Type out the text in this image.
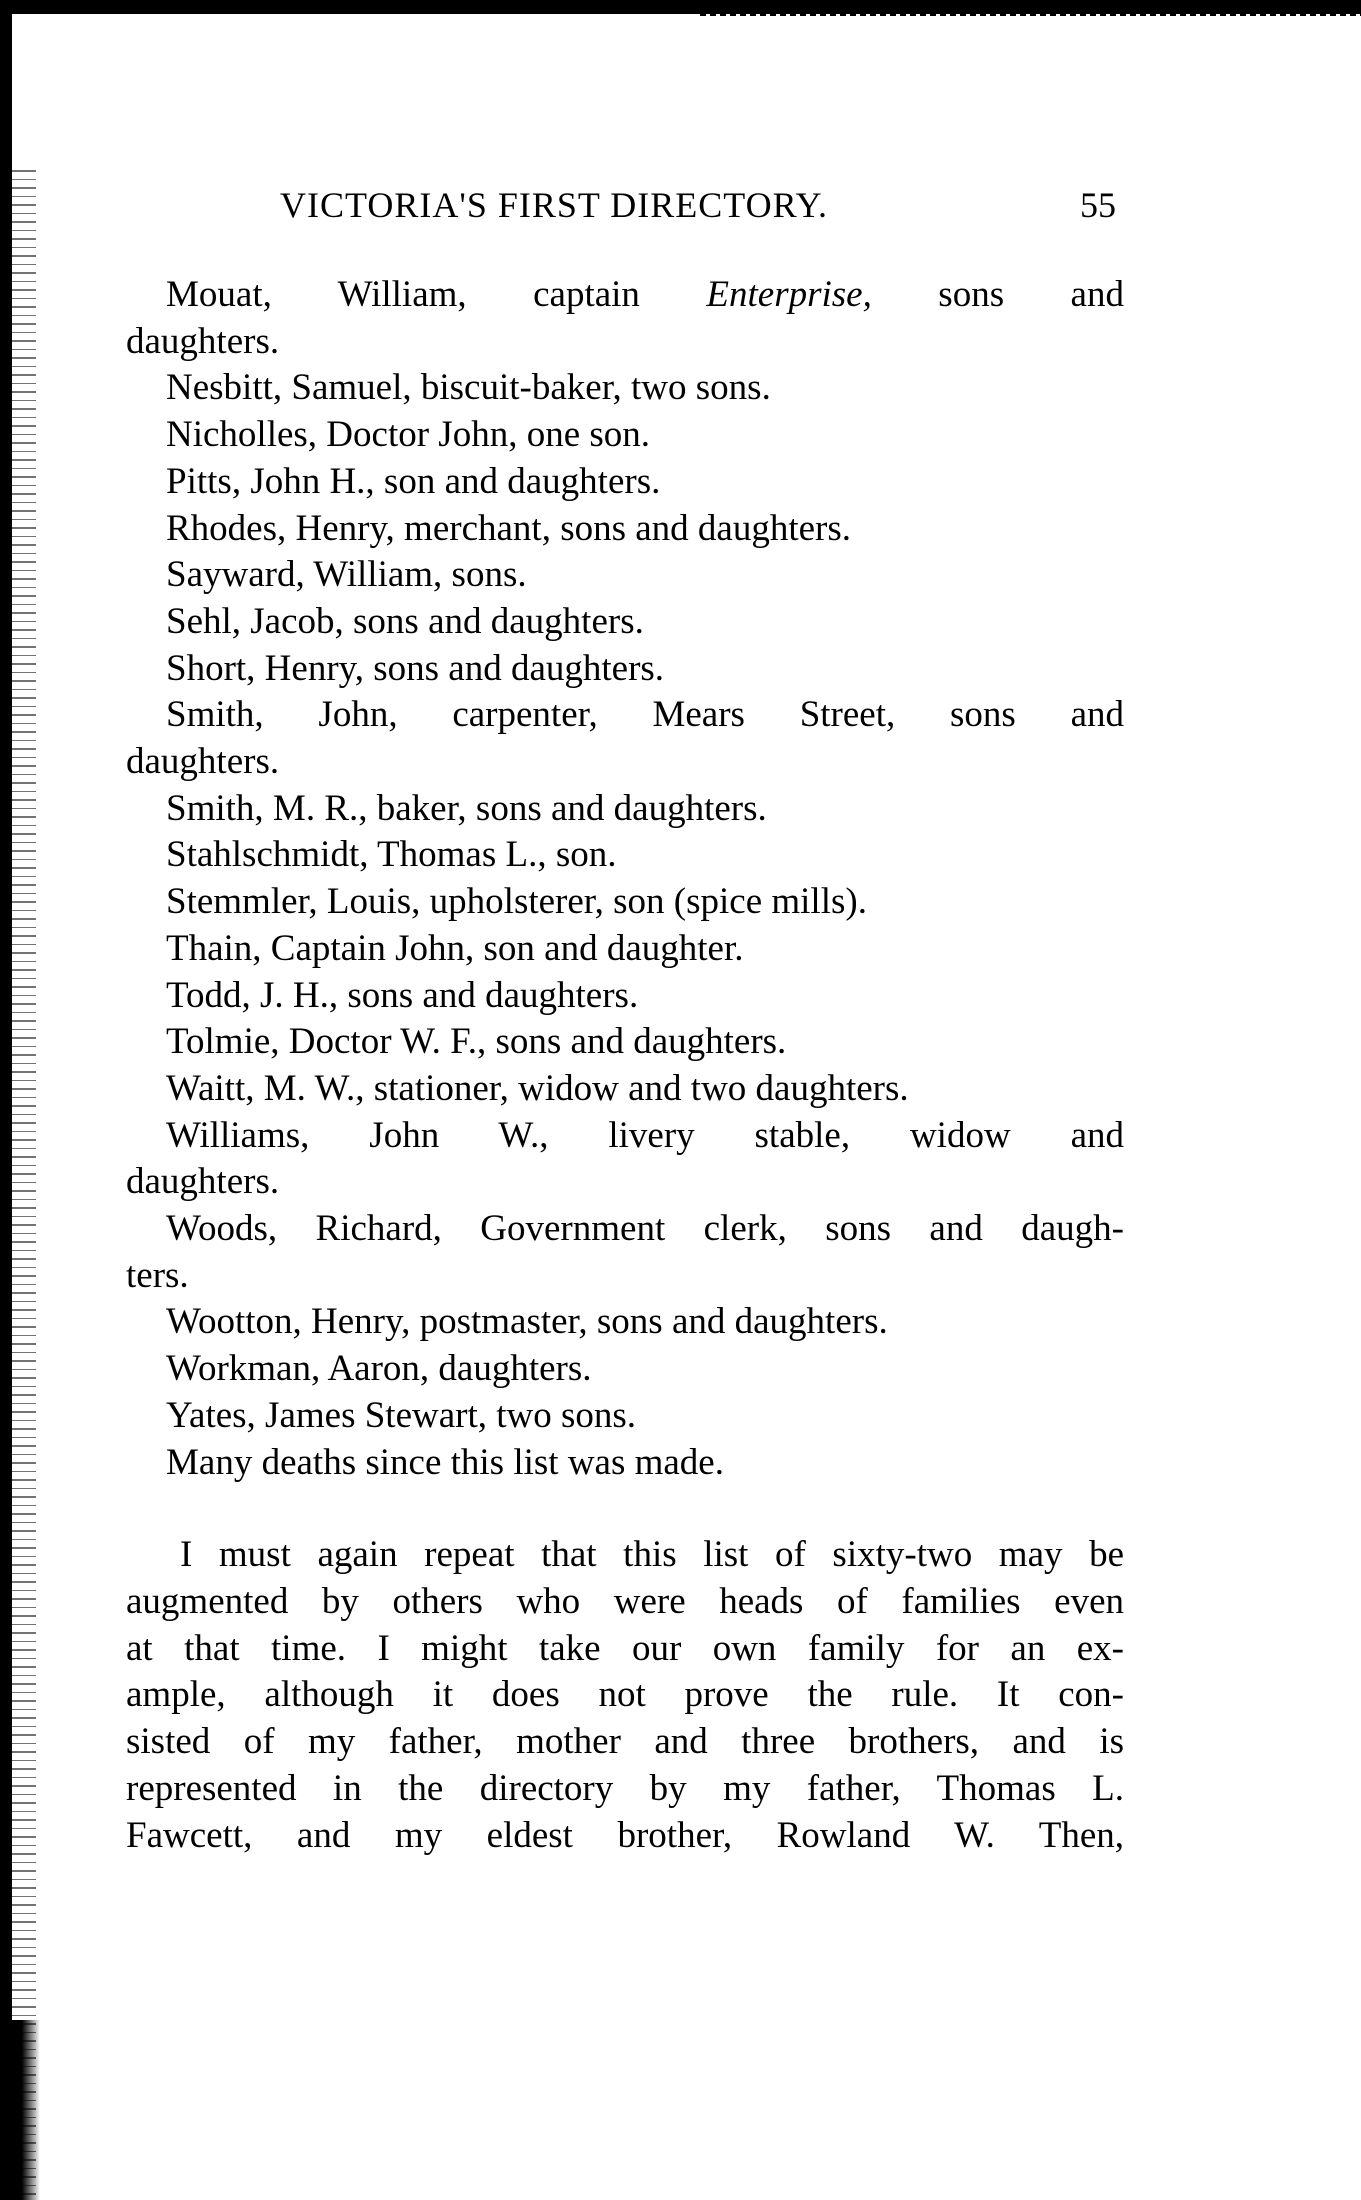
VICTORIA'S FIRST DIRECTORY.	55
Mouat, William, captain Enterprise, sons and
daughters.
Nesbitt, Samuel, biscuit-baker, two sons.
Nicholles, Doctor John, one son.
Pitts, John H., son and daughters.
Rhodes, Henry, merchant, sons and daughters.
Sayward, William, sons.
Sehl, Jacob, sons and daughters.
Short, Henry, sons and daughters.
Smith, John, carpenter, Mears Street, sons and
daughters.
Smith, M. R., baker, sons and daughters.
Stahlschmidt, Thomas L., son.
Stemmler, Louis, upholsterer, son (spice mills).
Thain, Captain John, son and daughter.
Todd, J. H., sons and daughters.
Tolmie, Doctor W. F., sons and daughters.
Waitt, M. W., stationer, widow and two daughters.
Williams, John W., livery stable, widow and
daughters.
Woods, Richard, Government clerk, sons and daugh-
ters.
Wootton, Henry, postmaster, sons and daughters.
Workman, Aaron, daughters.
Yates, James Stewart, two sons.
Many deaths since this list was made.
I must again repeat that this list of sixty-two may be
augmented by others who were heads of families even
at that time. I might take our own family for an ex-
ample, although it does not prove the rule. It con-
sisted of my father, mother and three brothers, and is
represented in the directory by my father, Thomas L.
Fawcett, and my eldest brother, Rowland W. Then,
